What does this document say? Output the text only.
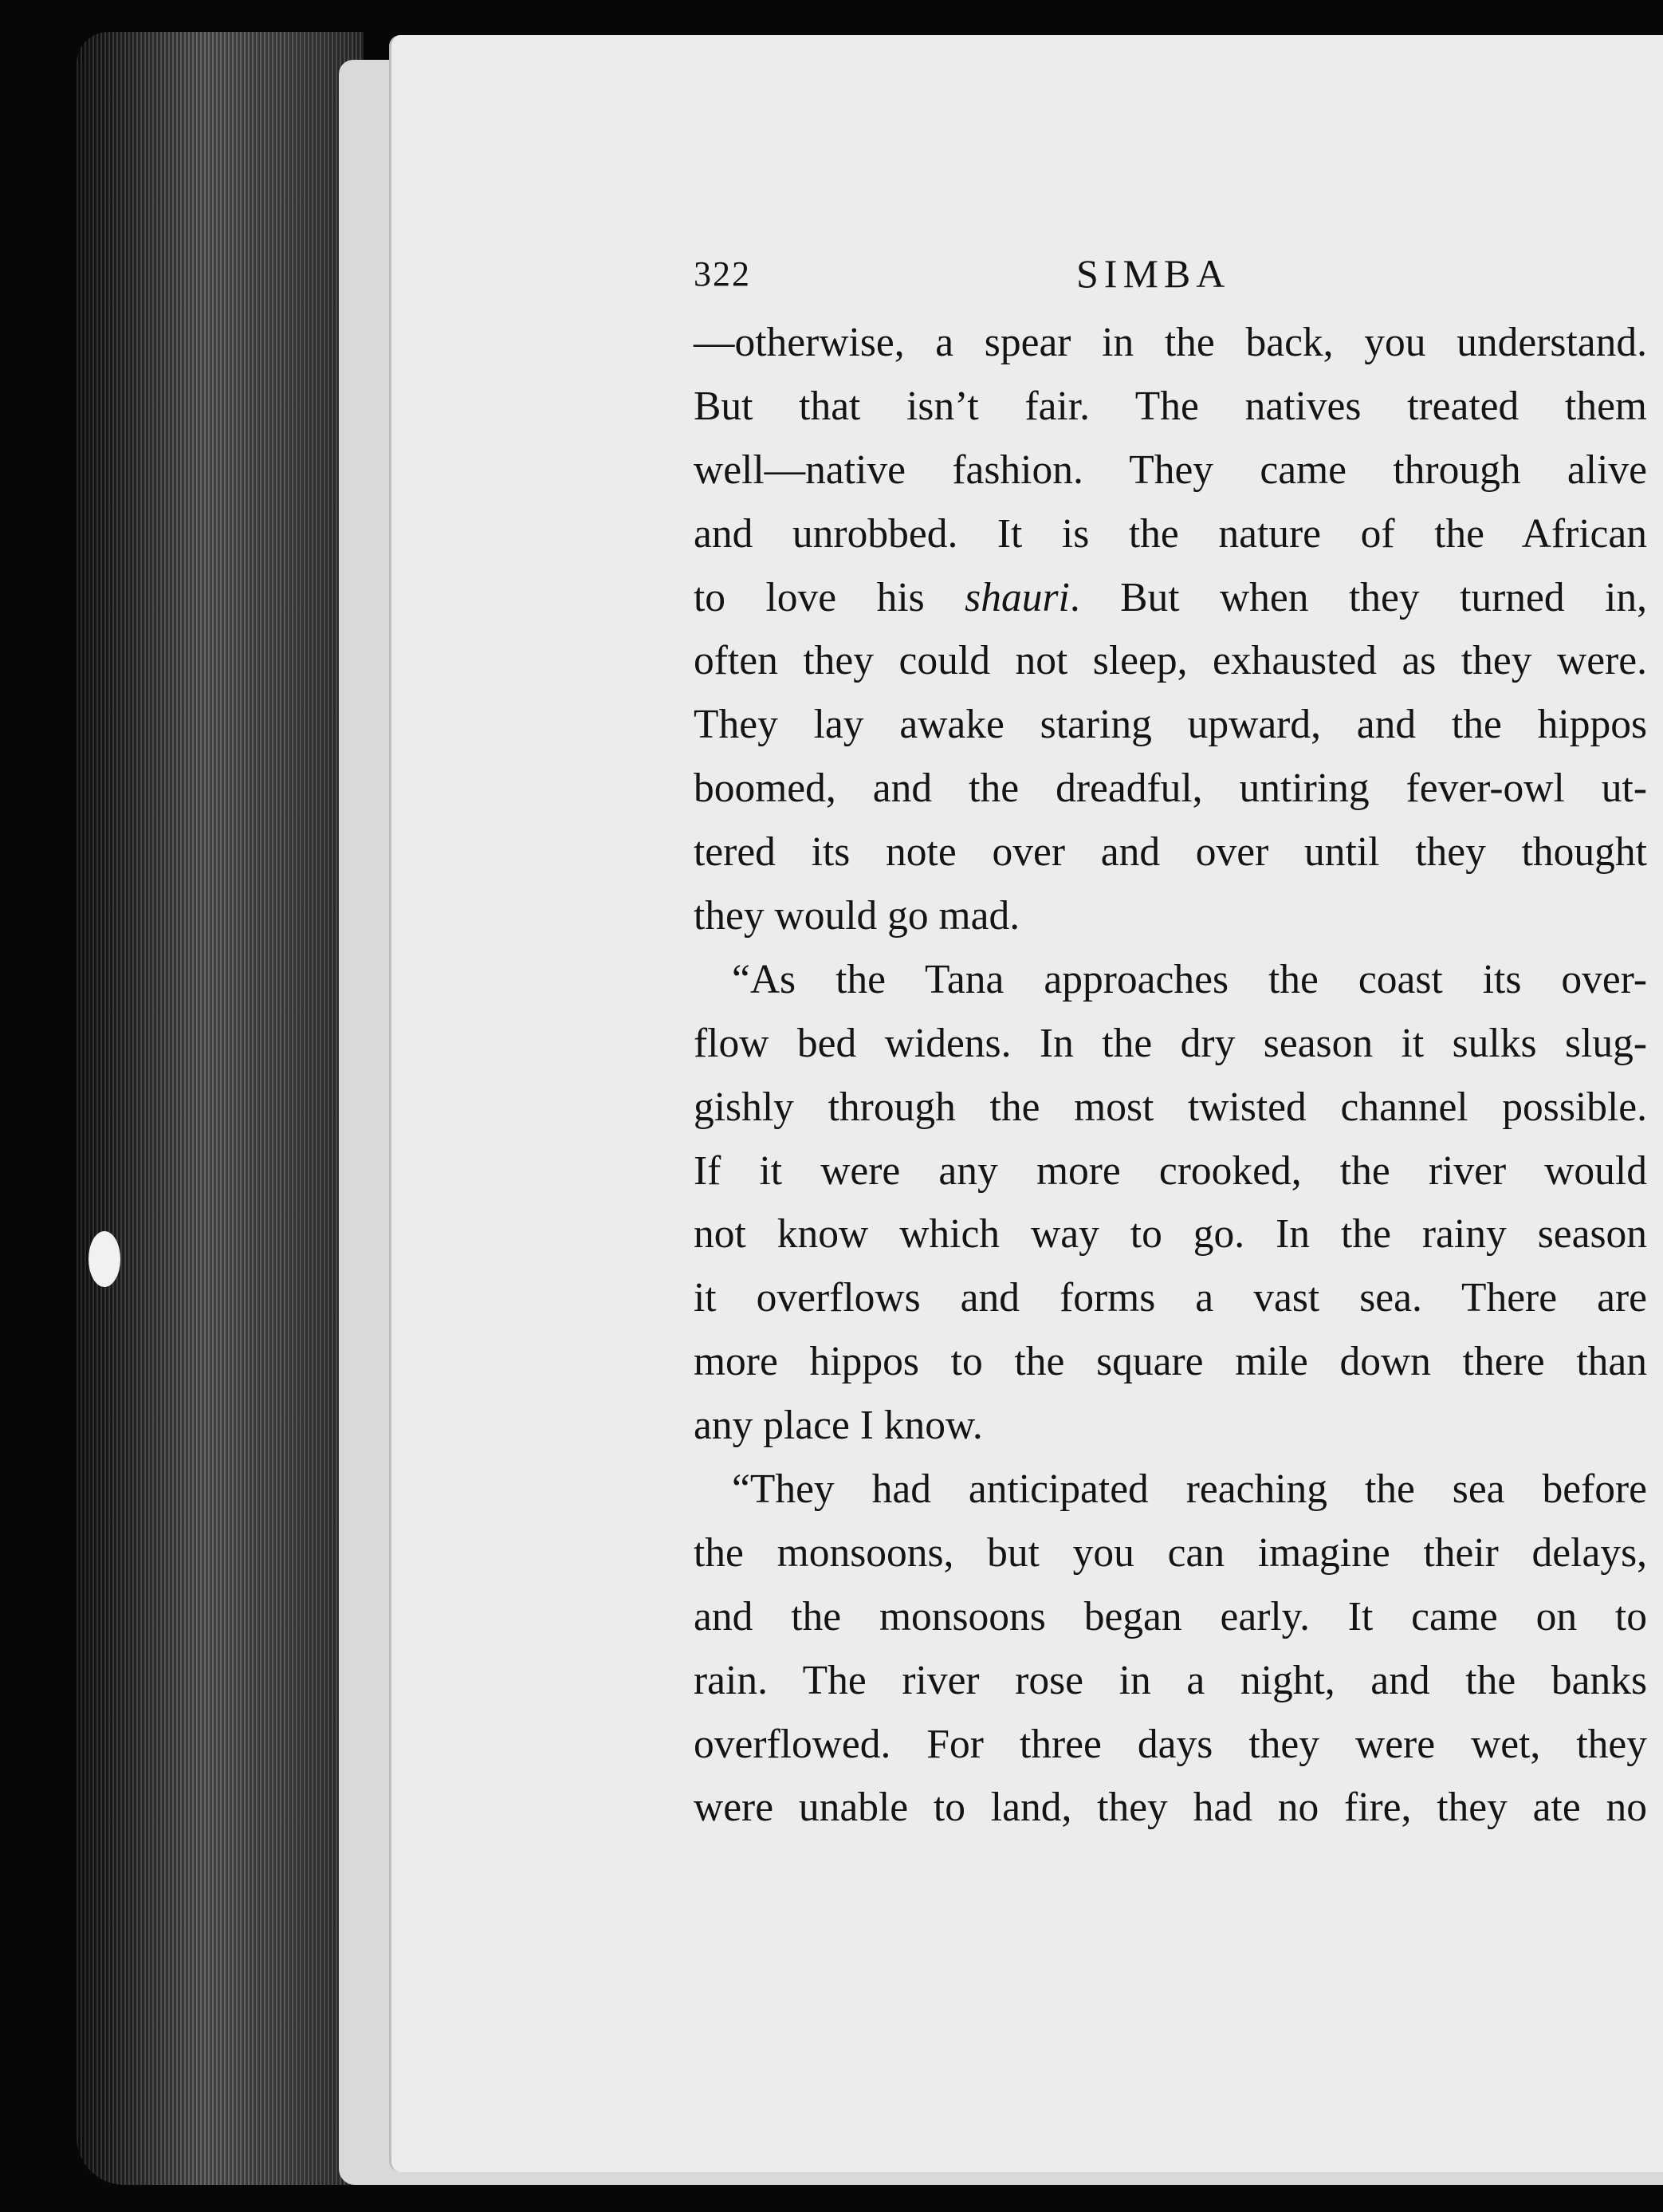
322	SIMBA
—otherwise, a spear in the back, you understand.
But that isn’t fair. The natives treated them
well—native fashion. They came through alive
and unrobbed. It is the nature of the African
to love his shauri. But when they turned in,
often they could not sleep, exhausted as they were.
They lay awake staring upward, and the hippos
boomed, and the dreadful, untiring fever-owl ut-
tered its note over and over until they thought
they would go mad.
“As the Tana approaches the coast its over-
flow bed widens. In the dry season it sulks slug-
gishly through the most twisted channel possible.
If it were any more crooked, the river would
not know which way to go. In the rainy season
it overflows and forms a vast sea. There are
more hippos to the square mile down there than
any place I know.
“They had anticipated reaching the sea before
the monsoons, but you can imagine their delays,
and the monsoons began early. It came on to
rain. The river rose in a night, and the banks
overflowed. For three days they were wet, they
were unable to land, they had no fire, they ate no
